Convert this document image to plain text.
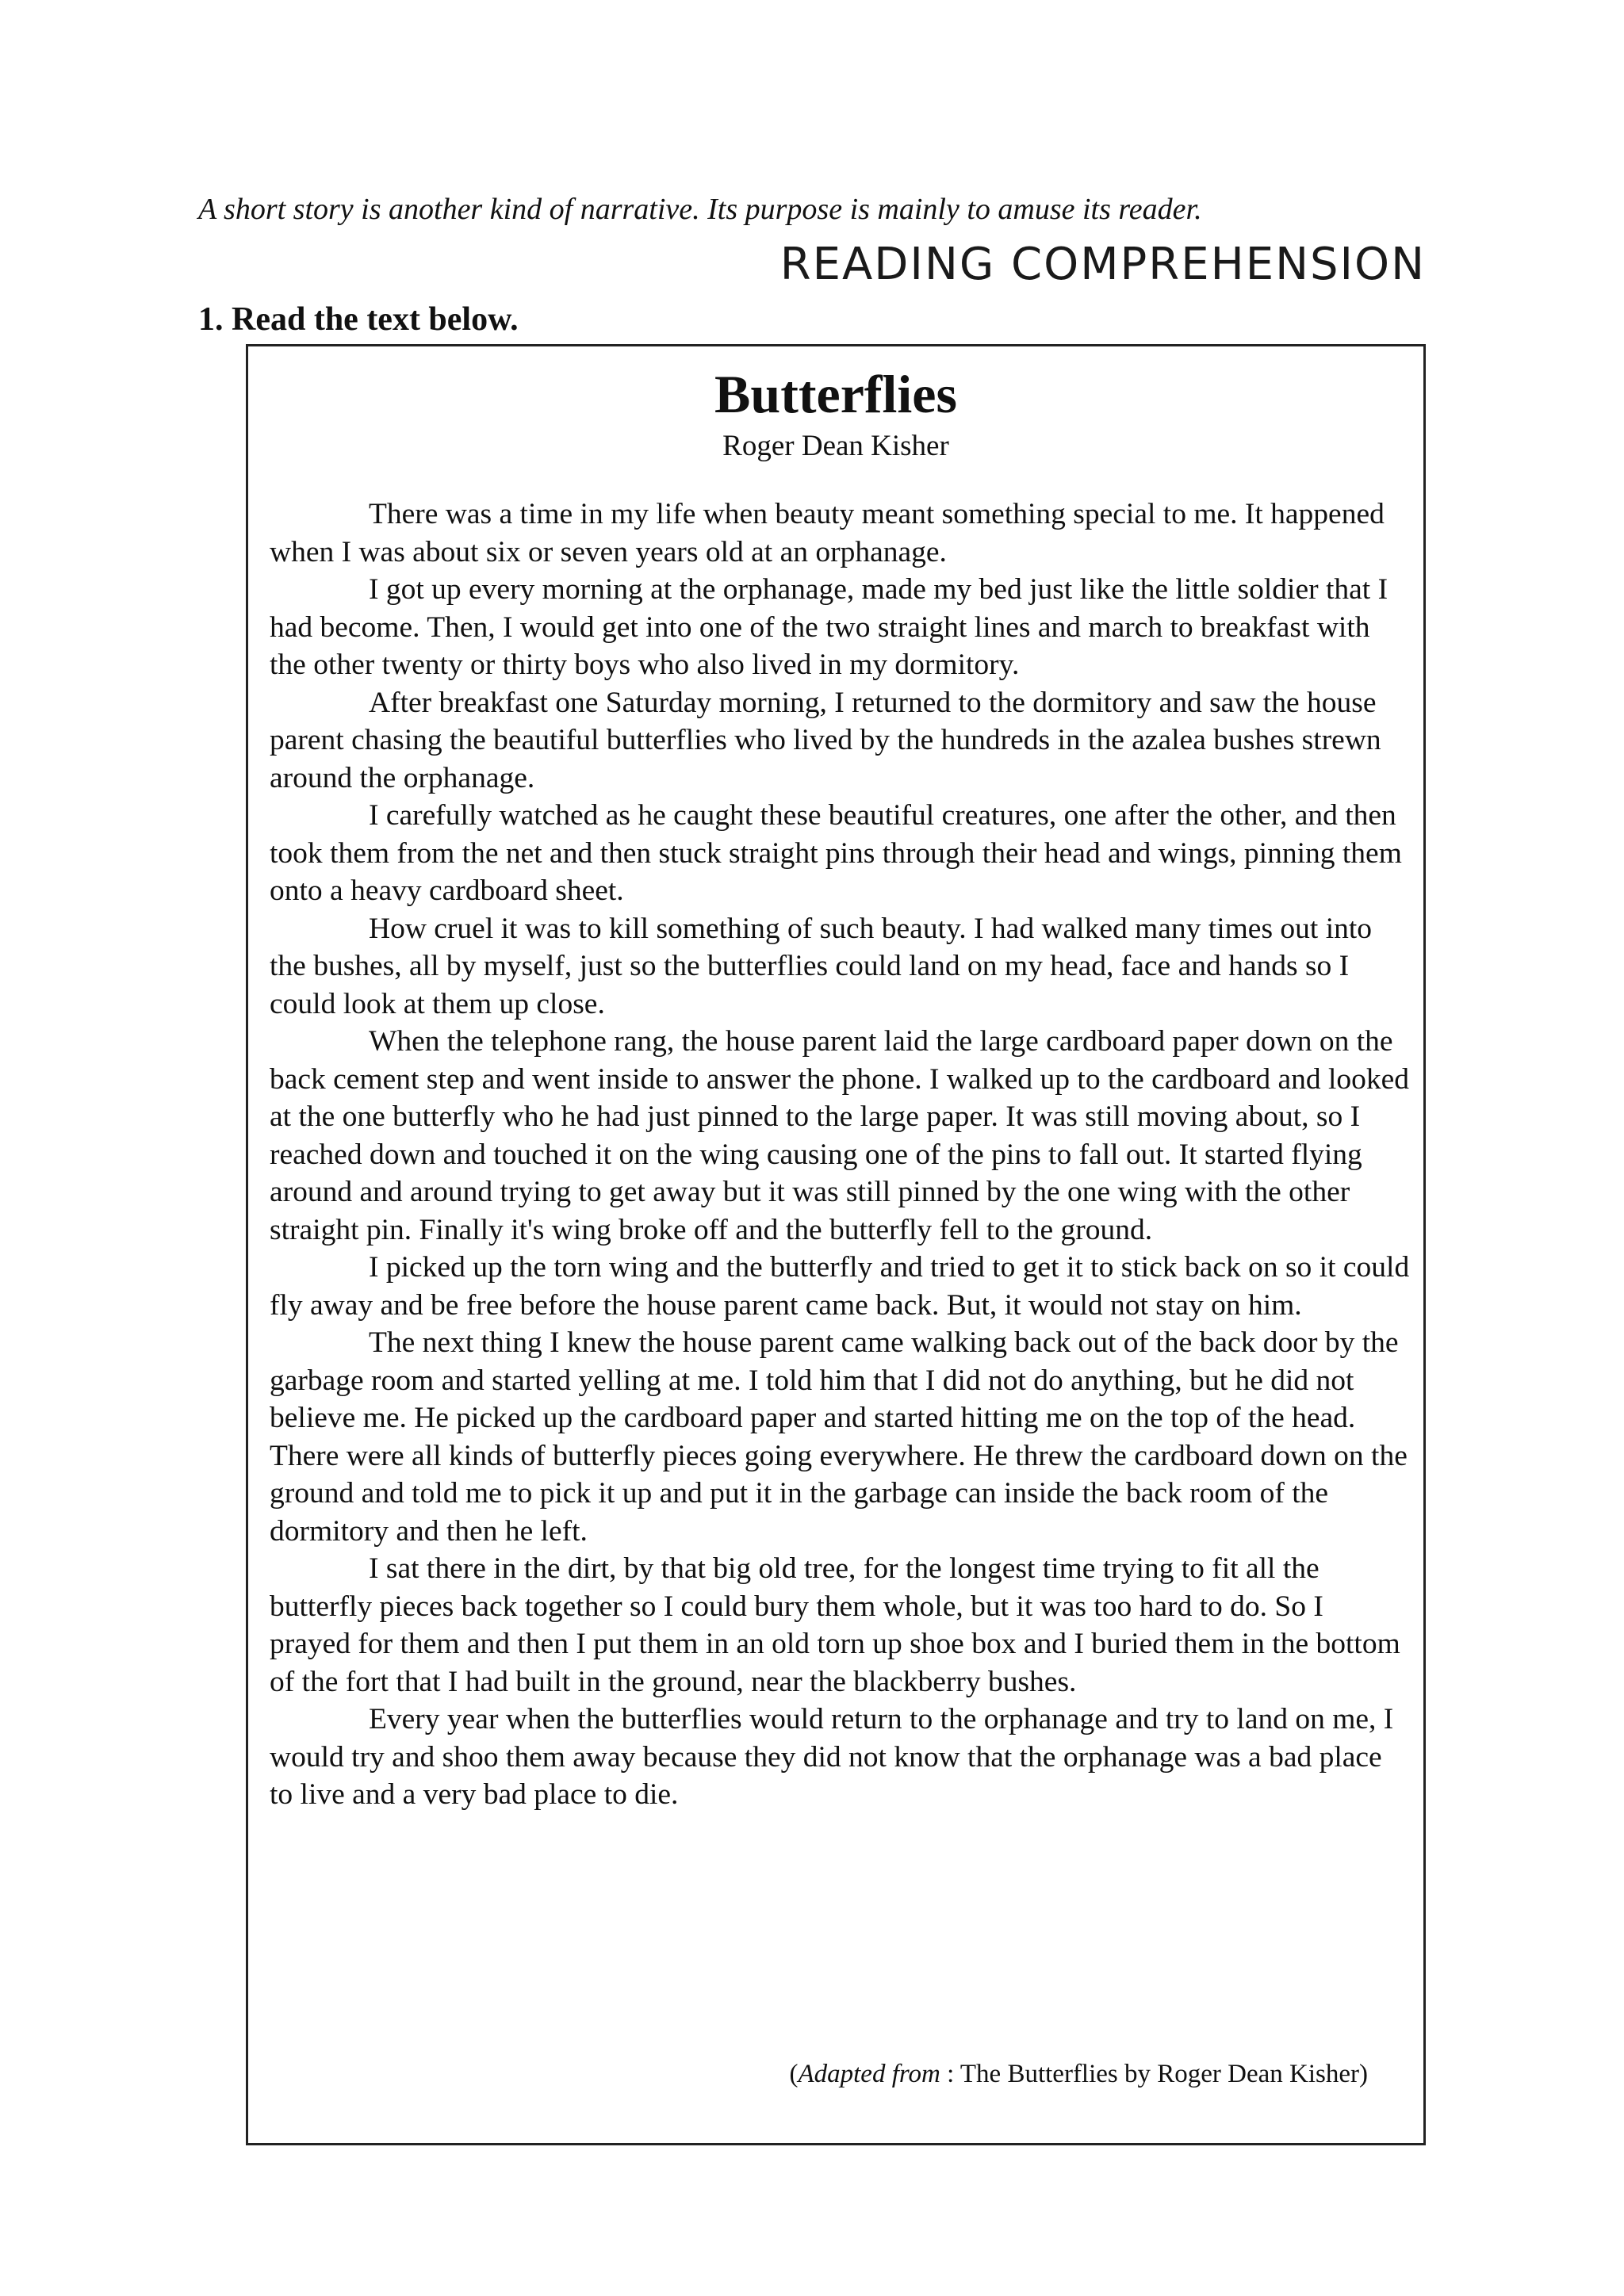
A short story is another kind of narrative. Its purpose is mainly to amuse its reader.
READING COMPREHENSION
1. Read the text below.
Butterflies
Roger Dean Kisher

There was a time in my life when beauty meant something special to me. It happened when I was about six or seven years old at an orphanage.

I got up every morning at the orphanage, made my bed just like the little soldier that I had become. Then, I would get into one of the two straight lines and march to breakfast with the other twenty or thirty boys who also lived in my dormitory.

After breakfast one Saturday morning, I returned to the dormitory and saw the house parent chasing the beautiful butterflies who lived by the hundreds in the azalea bushes strewn around the orphanage.

I carefully watched as he caught these beautiful creatures, one after the other, and then took them from the net and then stuck straight pins through their head and wings, pinning them onto a heavy cardboard sheet.

How cruel it was to kill something of such beauty. I had walked many times out into the bushes, all by myself, just so the butterflies could land on my head, face and hands so I could look at them up close.

When the telephone rang, the house parent laid the large cardboard paper down on the back cement step and went inside to answer the phone. I walked up to the cardboard and looked at the one butterfly who he had just pinned to the large paper. It was still moving about, so I reached down and touched it on the wing causing one of the pins to fall out. It started flying around and around trying to get away but it was still pinned by the one wing with the other straight pin. Finally it's wing broke off and the butterfly fell to the ground.

I picked up the torn wing and the butterfly and tried to get it to stick back on so it could fly away and be free before the house parent came back. But, it would not stay on him.

The next thing I knew the house parent came walking back out of the back door by the garbage room and started yelling at me. I told him that I did not do anything, but he did not believe me. He picked up the cardboard paper and started hitting me on the top of the head. There were all kinds of butterfly pieces going everywhere. He threw the cardboard down on the ground and told me to pick it up and put it in the garbage can inside the back room of the dormitory and then he left.

I sat there in the dirt, by that big old tree, for the longest time trying to fit all the butterfly pieces back together so I could bury them whole, but it was too hard to do. So I prayed for them and then I put them in an old torn up shoe box and I buried them in the bottom of the fort that I had built in the ground, near the blackberry bushes.

Every year when the butterflies would return to the orphanage and try to land on me, I would try and shoo them away because they did not know that the orphanage was a bad place to live and a very bad place to die.

(Adapted from : The Butterflies by Roger Dean Kisher)
